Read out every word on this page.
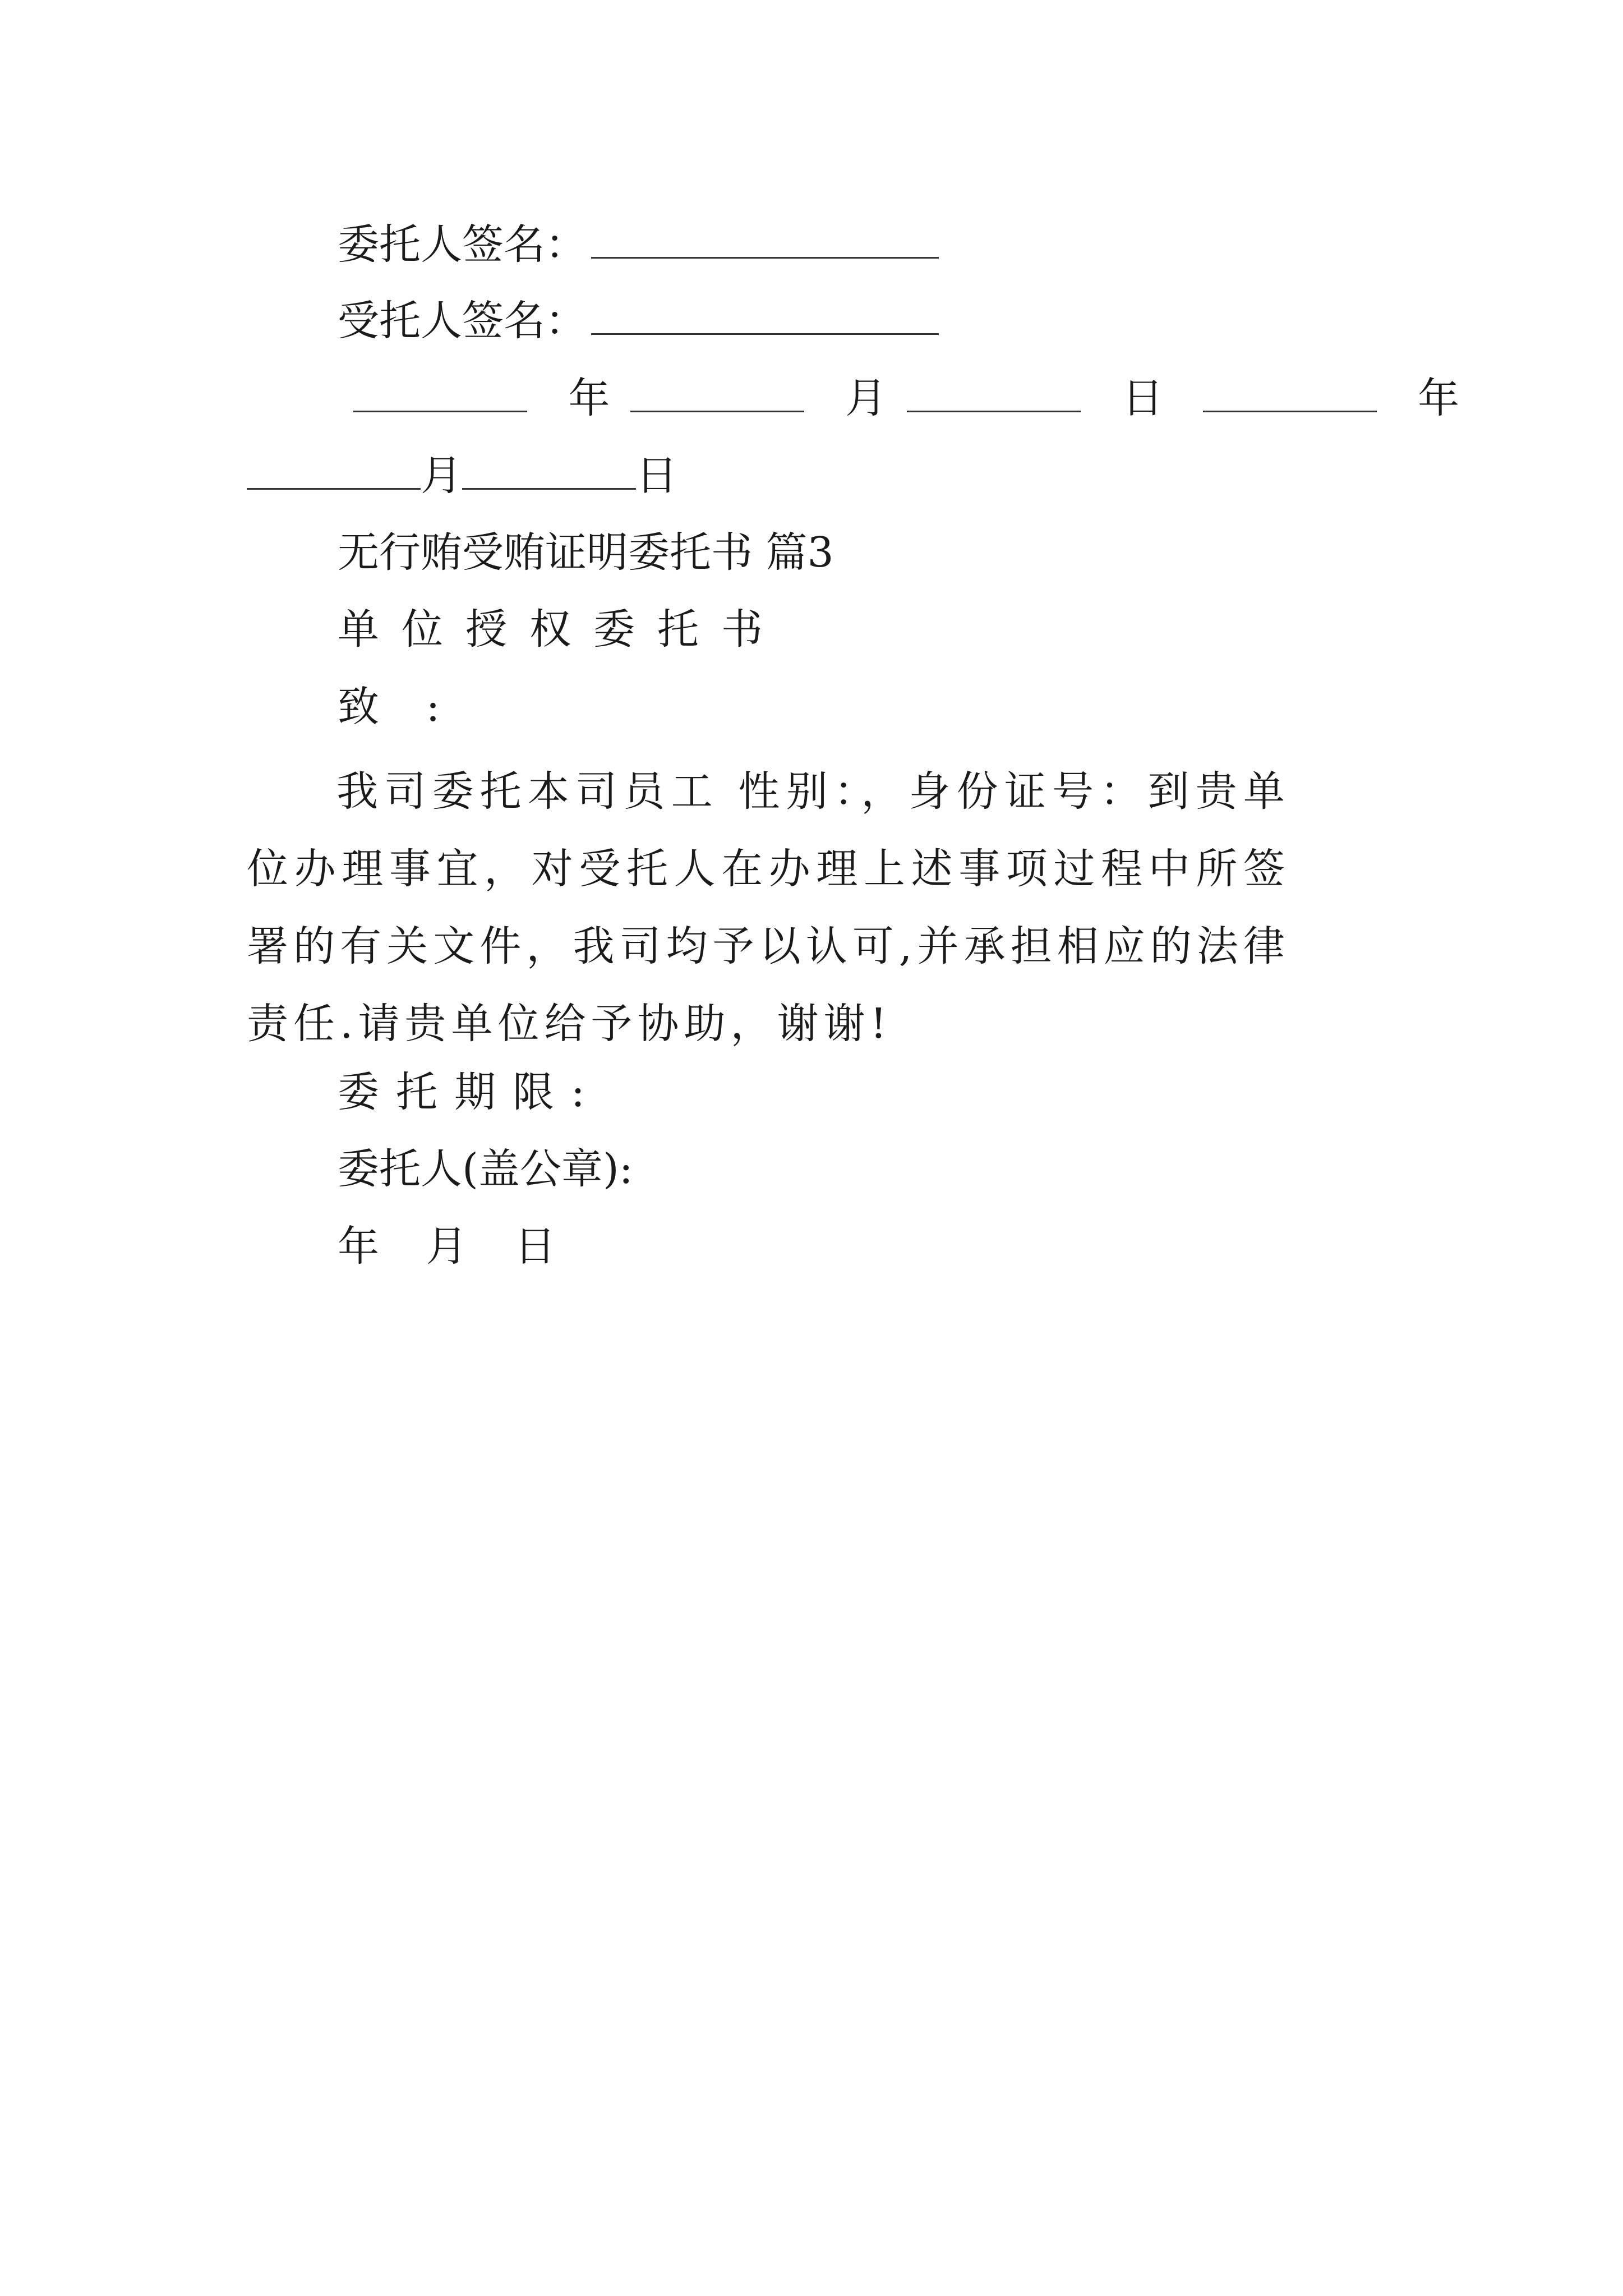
委托人签名：
受托人签名：
年	月	日	年
月	日
无行贿受贿证明委托书 篇3
单位授权委托书
致 :
我司委托本司员工 性别：，身份证号：到贵单位办理事宜，对受托人在办理上述事项过程中所签署的有关文件，我司均予以认可,并承担相应的法律责任.请贵单位给予协助，谢谢!
委托期限:
委托人(盖公章):
年 月 日
